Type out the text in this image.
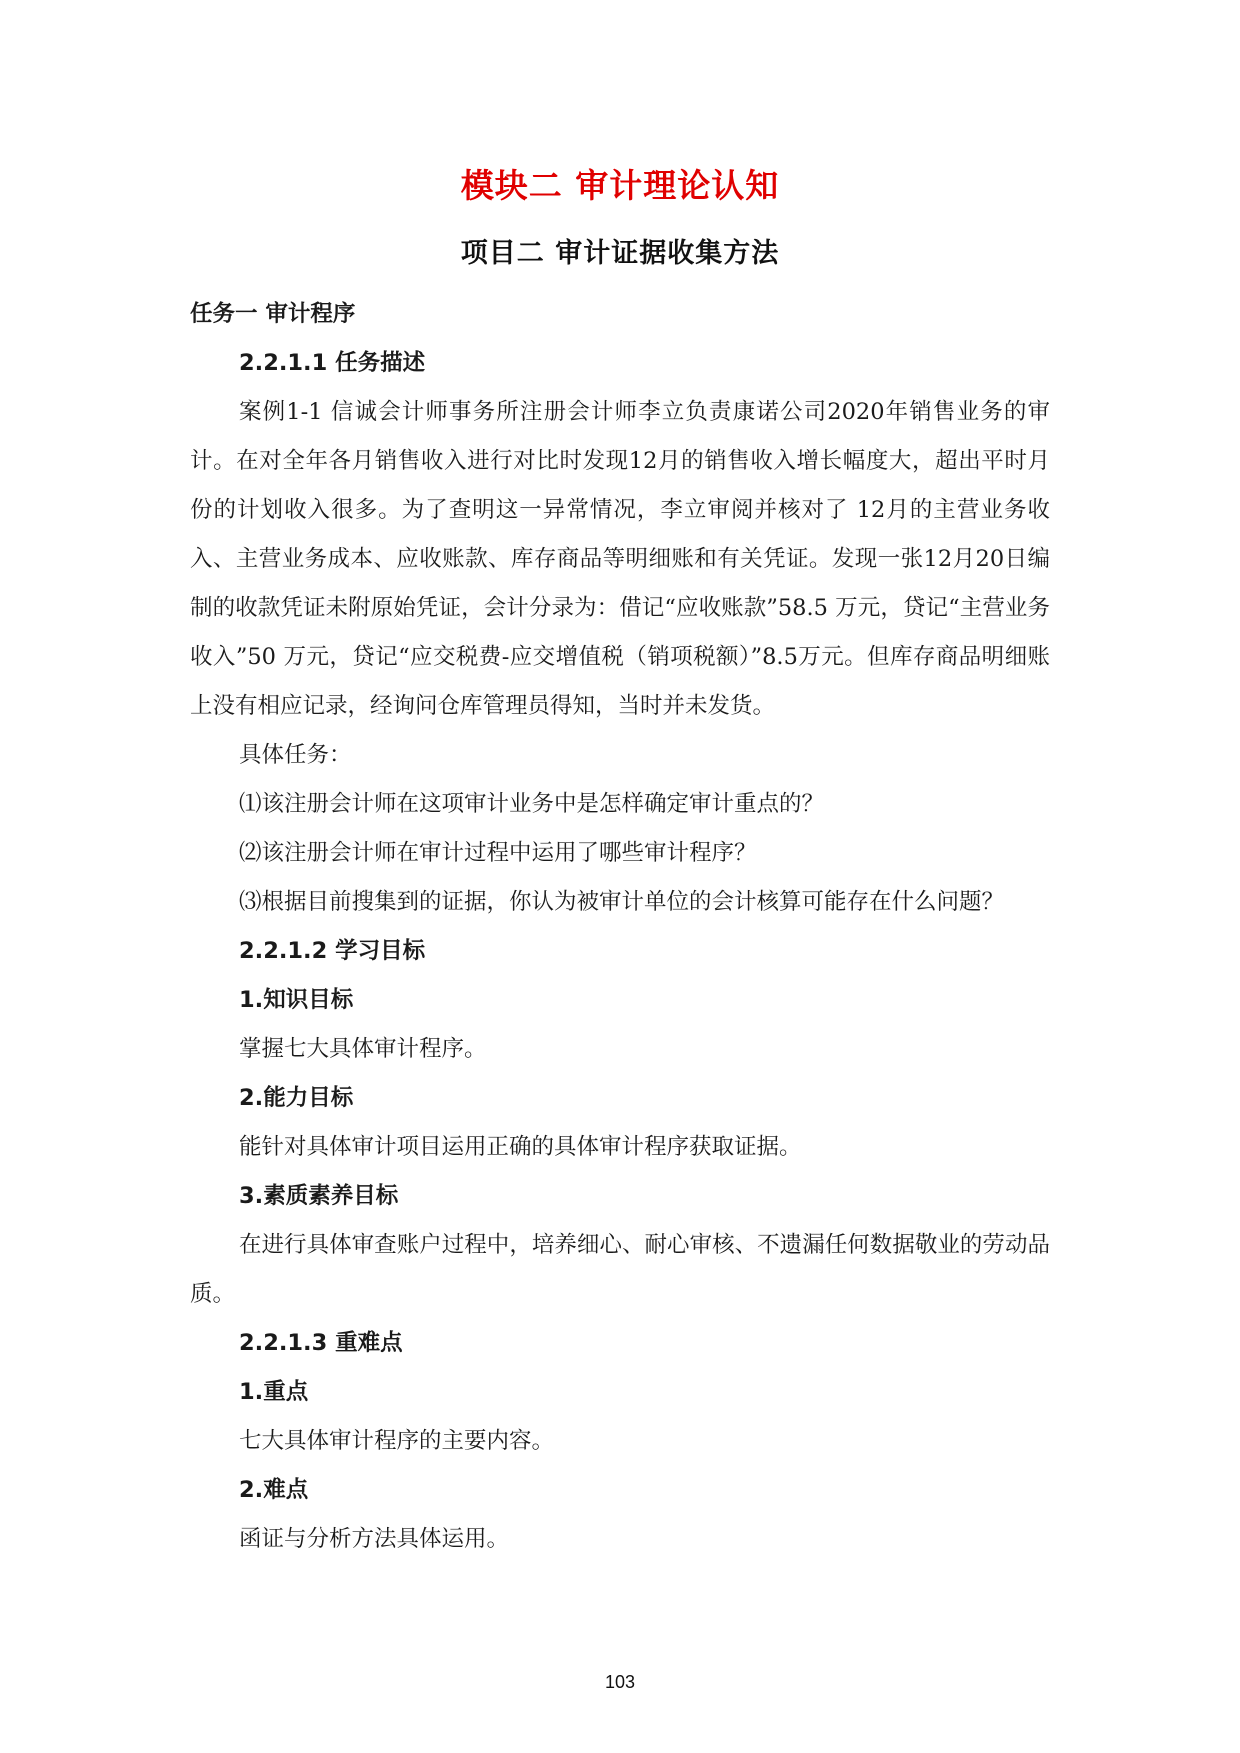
模块二 审计理论认知
项目二 审计证据收集方法

任务一 审计程序

2.2.1.1 任务描述

案例1-1 信诚会计师事务所注册会计师李立负责康诺公司2020年销售业务的审计。在对全年各月销售收入进行对比时发现12月的销售收入增长幅度大，超出平时月份的计划收入很多。为了查明这一异常情况，李立审阅并核对了 12月的主营业务收入、主营业务成本、应收账款、库存商品等明细账和有关凭证。发现一张12月20日编制的收款凭证未附原始凭证，会计分录为：借记“应收账款”58.5 万元，贷记“主营业务收入”50 万元，贷记“应交税费-应交增值税（销项税额）”8.5万元。但库存商品明细账上没有相应记录，经询问仓库管理员得知，当时并未发货。

具体任务：

⑴该注册会计师在这项审计业务中是怎样确定审计重点的？

⑵该注册会计师在审计过程中运用了哪些审计程序？

⑶根据目前搜集到的证据，你认为被审计单位的会计核算可能存在什么问题？

2.2.1.2 学习目标

1.知识目标

掌握七大具体审计程序。

2.能力目标

能针对具体审计项目运用正确的具体审计程序获取证据。

3.素质素养目标

在进行具体审查账户过程中，培养细心、耐心审核、不遗漏任何数据敬业的劳动品质。

2.2.1.3 重难点

1.重点

七大具体审计程序的主要内容。

2.难点

函证与分析方法具体运用。

103
